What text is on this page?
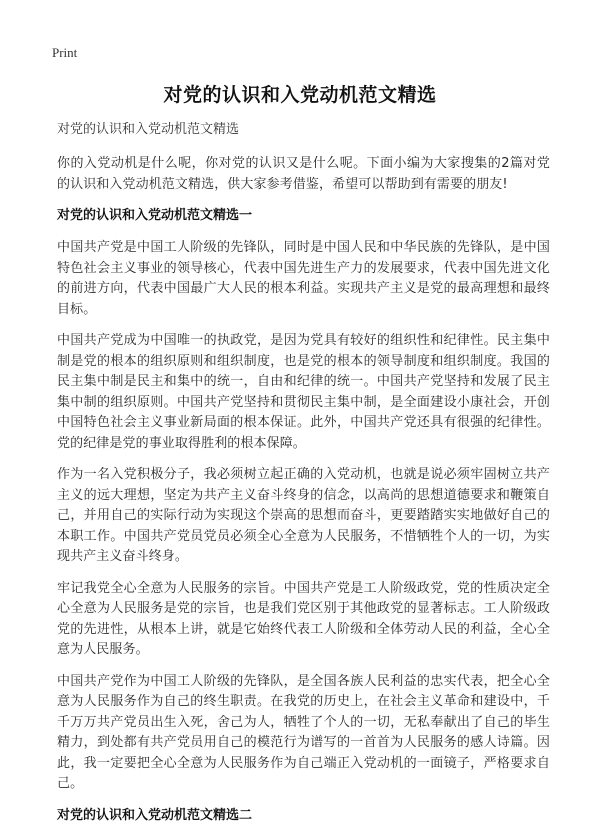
Print
对党的认识和入党动机范文精选

对党的认识和入党动机范文精选

你的入党动机是什么呢，你对党的认识又是什么呢。下面小编为大家搜集的2篇对党的认识和入党动机范文精选，供大家参考借鉴，希望可以帮助到有需要的朋友!

对党的认识和入党动机范文精选一

中国共产党是中国工人阶级的先锋队，同时是中国人民和中华民族的先锋队，是中国特色社会主义事业的领导核心，代表中国先进生产力的发展要求，代表中国先进文化的前进方向，代表中国最广大人民的根本利益。实现共产主义是党的最高理想和最终目标。

中国共产党成为中国唯一的执政党，是因为党具有较好的组织性和纪律性。民主集中制是党的根本的组织原则和组织制度，也是党的根本的领导制度和组织制度。我国的民主集中制是民主和集中的统一，自由和纪律的统一。中国共产党坚持和发展了民主集中制的组织原则。中国共产党坚持和贯彻民主集中制，是全面建设小康社会，开创中国特色社会主义事业新局面的根本保证。此外，中国共产党还具有很强的纪律性。党的纪律是党的事业取得胜利的根本保障。

作为一名入党积极分子，我必须树立起正确的入党动机，也就是说必须牢固树立共产主义的远大理想，坚定为共产主义奋斗终身的信念，以高尚的思想道德要求和鞭策自己，并用自己的实际行动为实现这个崇高的思想而奋斗，更要踏踏实实地做好自己的本职工作。中国共产党员党员必须全心全意为人民服务，不惜牺牲个人的一切，为实现共产主义奋斗终身。

牢记我党全心全意为人民服务的宗旨。中国共产党是工人阶级政党，党的性质决定全心全意为人民服务是党的宗旨，也是我们党区别于其他政党的显著标志。工人阶级政党的先进性，从根本上讲，就是它始终代表工人阶级和全体劳动人民的利益，全心全意为人民服务。

中国共产党作为中国工人阶级的先锋队，是全国各族人民利益的忠实代表，把全心全意为人民服务作为自己的终生职责。在我党的历史上，在社会主义革命和建设中，千千万万共产党员出生入死，舍己为人，牺牲了个人的一切，无私奉献出了自己的毕生精力，到处都有共产党员用自己的模范行为谱写的一首首为人民服务的感人诗篇。因此，我一定要把全心全意为人民服务作为自己端正入党动机的一面镜子，严格要求自己。

对党的认识和入党动机范文精选二
